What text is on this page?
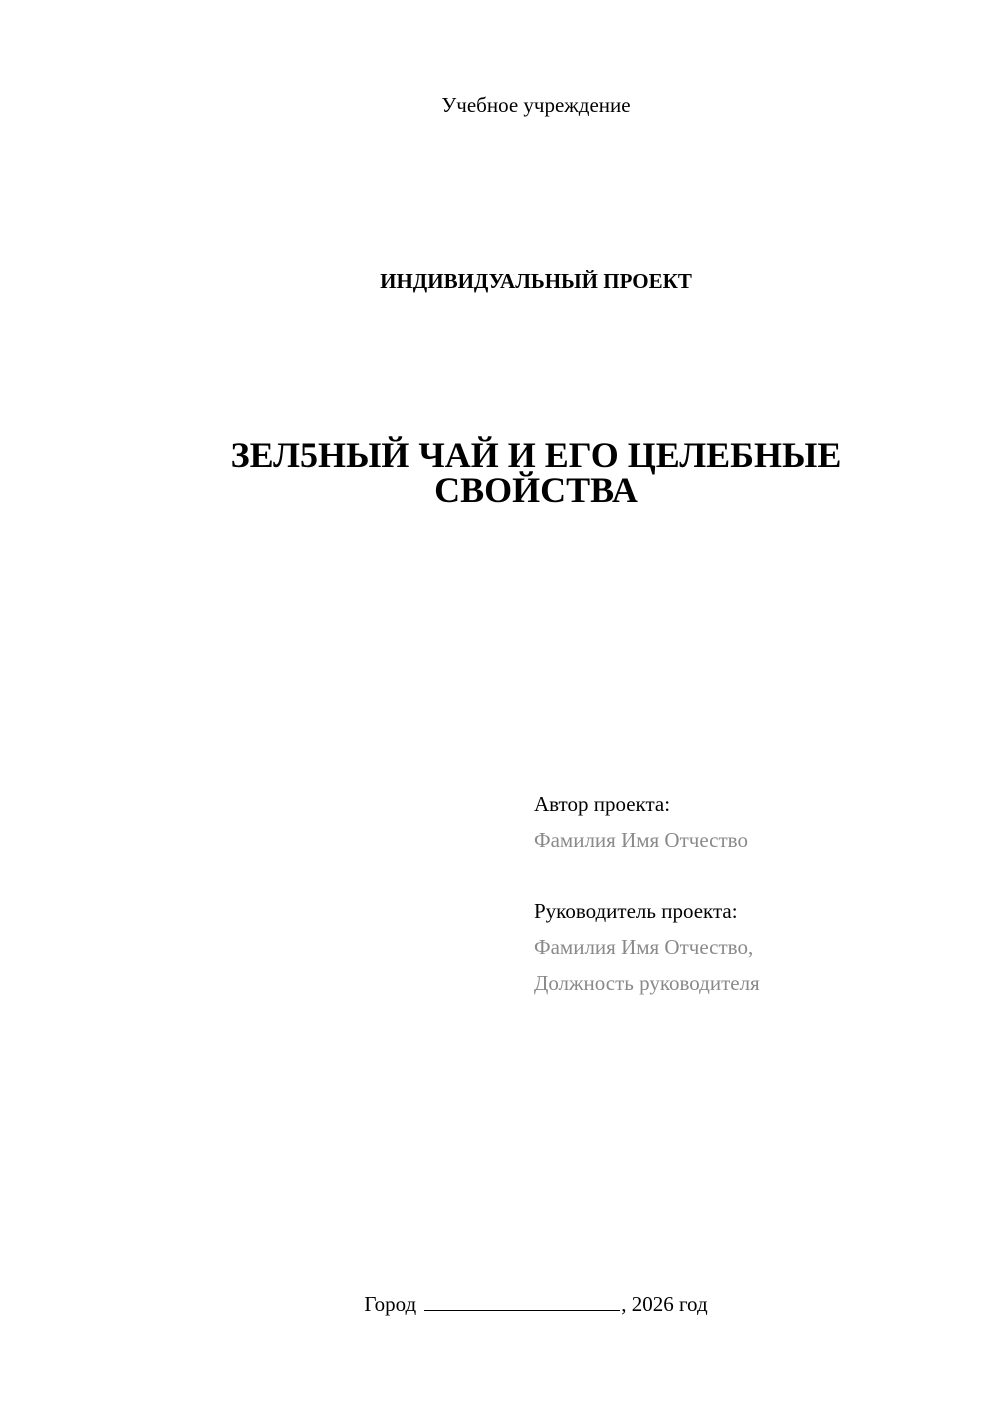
Учебное учреждение
ИНДИВИДУАЛЬНЫЙ ПРОЕКТ
ЗЕЛ5НЫЙ ЧАЙ И ЕГО ЦЕЛЕБНЫЕ
СВОЙСТВА
Автор проекта:
Фамилия Имя Отчество
Руководитель проекта:
Фамилия Имя Отчество,
Должность руководителя
Город	, 2026 год
